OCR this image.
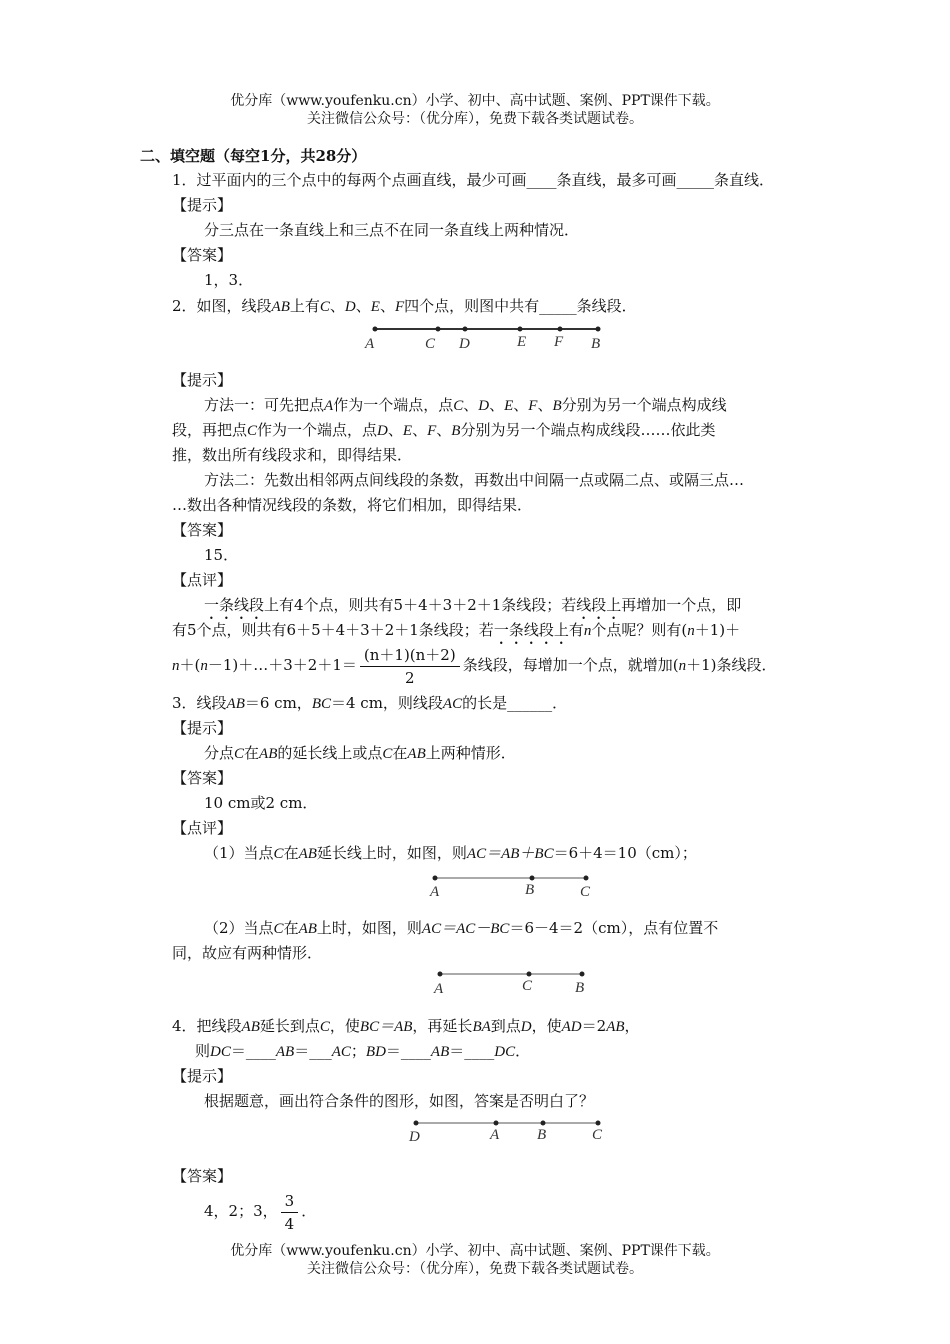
优分库（www.youfenku.cn）小学、初中、高中试题、案例、PPT课件下载。
关注微信公众号：（优分库），免费下载各类试题试卷。
二、填空题（每空1分，共28分）
1．过平面内的三个点中的每两个点画直线，最少可画____条直线，最多可画_____条直线．
【提示】
分三点在一条直线上和三点不在同一条直线上两种情况．
【答案】
1，3．
2．如图，线段AB上有C、D、E、F四个点，则图中共有_____条线段．
A	C D	E F B
【提示】
方法一：可先把点A作为一个端点，点C、D、E、F、B分别为另一个端点构成线
段，再把点C作为一个端点，点D、E、F、B分别为另一个端点构成线段……依此类
推，数出所有线段求和，即得结果．
方法二：先数出相邻两点间线段的条数，再数出中间隔一点或隔二点、或隔三点…
…数出各种情况线段的条数，将它们相加，即得结果．
【答案】
15．
【点评】
一条线段上有4个点，则共有5＋4＋3＋2＋1条线段；若线段上再增加一个点，即
有5个点，则共有6＋5＋4＋3＋2＋1条线段；若一条线段上有n个点呢？则有(n＋1)＋
n＋(n－1)＋…＋3＋2＋1＝ $\frac{(n+1)(n+2)}{2}$ 条线段，每增加一个点，就增加(n＋1)条线段．
3．线段AB＝6 cm，BC＝4 cm，则线段AC的长是______．
【提示】
分点C在AB的延长线上或点C在AB上两种情形．
【答案】
10 cm或2 cm．
【点评】
（1）当点C在AB延长线上时，如图，则AC＝AB＋BC＝6＋4＝10（cm）；
A	B	C
（2）当点C在AB上时，如图，则AC＝AC－BC＝6－4＝2（cm），点有位置不
同，故应有两种情形．
A	C	B
4．把线段AB延长到点C，使BC＝AB，再延长BA到点D，使AD＝2AB，
则DC＝____AB＝___AC；BD＝____AB＝____DC．
【提示】
根据题意，画出符合条件的图形，如图，答案是否明白了？
D	A	B	C
【答案】
4，2；3， $\frac{3}{4}$ ．
优分库（www.youfenku.cn）小学、初中、高中试题、案例、PPT课件下载。
关注微信公众号：（优分库），免费下载各类试题试卷。
